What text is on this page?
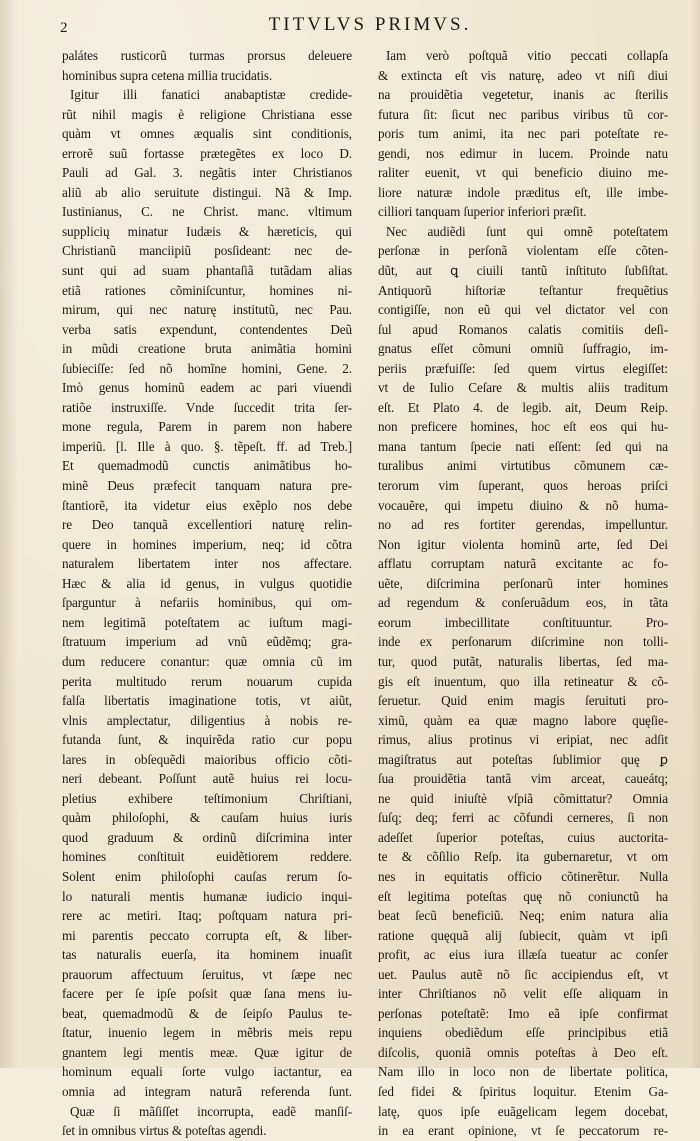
2	TITVLVS PRIMVS.
palátes rusticorũ turmas prorsus deleuere
hominibus supra cetena millia trucidatis.
Igitur illi fanatici anabaptistæ credide-
rũt nihil magis è religione Christiana esse
quàm vt omnes æqualis sint conditionis,
errorẽ suũ fortasse prætegẽtes ex loco D.
Pauli ad Gal. 3. negãtis inter Christianos
aliũ ab alio seruitute distingui. Nã & Imp.
Iustinianus, C. ne Christ. manc. vltimum
supplicių minatur Iudæis & hæreticis, qui
Christianũ manciipiũ posſideant: nec de-
sunt qui ad suam phantaſiã tutãdam alias
etiã rationes cõminiſcuntur, homines ni-
mirum, qui nec naturę institutũ, nec Pau.
verba satis expendunt, contendentes Deũ
in mũdi creatione bruta animãtia homini
ſubieciſſe: ſed nõ homĩne homini, Gene. 2.
Imò genus hominũ eadem ac pari viuendi
ratiõe instruxiſſe. Vnde ſuccedit trita ſer-
mone regula, Parem in parem non habere
imperiũ. [l. Ille à quo. §. tẽpeſt. ff. ad Treb.]
Et quemadmodũ cunctis animãtibus ho-
minẽ Deus præfecit tanquam natura pre-
ſtantiorẽ, ita videtur eius exẽplo nos debe
re Deo tanquã excellentiori naturę relin-
quere in homines imperium, neq; id cõtra
naturalem libertatem inter nos affectare.
Hæc & alia id genus, in vulgus quotidie
ſparguntur à nefariis hominibus, qui om-
nem legitimã poteſtatem ac iuſtum magi-
ſtratuum imperium ad vnũ eũdẽmq; gra-
dum reducere conantur: quæ omnia cũ im
perita multitudo rerum nouarum cupida
falſa libertatis imaginatione totis, vt aiũt,
vlnis amplectatur, diligentius à nobis re-
futanda ſunt, & inquirẽda ratio cur popu
lares in obſequẽdi maioribus officio cõti-
neri debeant. Poſſunt autẽ huius rei locu-
pletius exhibere teſtimonium Chriſtiani,
quàm philoſophi, & cauſam huius iuris
quod graduum & ordinũ diſcrimina inter
homines conſtituit euidẽtiorem reddere.
Solent enim philoſophi cauſas rerum ſo-
lo naturali mentis humanæ iudicio inqui-
rere ac metiri. Itaq; poſtquam natura pri-
mi parentis peccato corrupta eſt, & liber-
tas naturalis euerſa, ita hominem inuaſit
prauorum affectuum ſeruitus, vt ſæpe nec
facere per ſe ipſe poſsit quæ ſana mens iu-
beat, quemadmodũ & de ſeipſo Paulus te-
ſtatur, inuenio legem in mẽbris meis repu
gnantem legi mentis meæ. Quæ igitur de
hominum equali ſorte vulgo iactantur, ea
omnia ad integram naturã referenda ſunt.
Quæ ſi mãſiſſet incorrupta, eadẽ manſiſ-
ſet in omnibus virtus & poteſtas agendi.
Iam verò poſtquã vitio peccati collapſa
& extincta eſt vis naturę, adeo vt niſi diui
na prouidẽtia vegetetur, inanis ac ſterilis
futura ſit: ſicut nec paribus viribus tũ cor-
poris tum animi, ita nec pari poteſtate re-
gendi, nos edimur in lucem. Proinde natu
raliter euenit, vt qui beneficio diuino me-
liore naturæ indole præditus eſt, ille imbe-
cilliori tanquam ſuperior inferiori præſit.
Nec audiẽdi ſunt qui omnẽ poteſtatem
perſonæ in perſonã violentam eſſe cõten-
dũt, aut ꝗ ciuili tantũ inſtituto ſubſiſtat.
Antiquorũ hiſtoriæ teſtantur frequẽtius
contigiſſe, non eũ qui vel dictator vel con
ſul apud Romanos calatis comitiis deſi-
gnatus eſſet cõmuni omniũ ſuffragio, im-
periis præfuiſſe: ſed quem virtus elegiſſet:
vt de Iulio Ceſare & multis aliis traditum
eſt. Et Plato 4. de legib. ait, Deum Reip.
non preficere homines, hoc eſt eos qui hu-
mana tantum ſpecie nati eſſent: ſed qui na
turalibus animi virtutibus cõmunem cæ-
terorum vim ſuperant, quos heroas priſci
vocauẽre, qui impetu diuino & nõ huma-
no ad res fortiter gerendas, impelluntur.
Non igitur violenta hominũ arte, ſed Dei
afflatu corruptam naturã excitante ac fo-
uẽte, diſcrimina perſonarũ inter homines
ad regendum & conſeruãdum eos, in tãta
eorum imbecillitate conſtituuntur. Pro-
inde ex perſonarum diſcrimine non tolli-
tur, quod putãt, naturalis libertas, ſed ma-
gis eſt inuentum, quo illa retineatur & cõ-
ſeruetur. Quid enim magis ſeruituti pro-
ximũ, quàm ea quæ magno labore quęſie-
rimus, alius protinus vi eripiat, nec adſit
magiſtratus aut poteſtas ſublimior quę ꝑ
ſua prouidẽtia tantã vim arceat, caueátq;
ne quid iniuſtè vſpiã cõmittatur? Omnia
ſuſq; deq; ferri ac cõfundi cerneres, ſi non
adeſſet ſuperior poteſtas, cuius auctorita-
te & cõſilio Reſp. ita gubernaretur, vt om
nes in equitatis officio cõtinerẽtur. Nulla
eſt legitima poteſtas quę nõ coniunctũ ha
beat ſecũ beneficiũ. Neq; enim natura alia
ratione quęquã alij ſubiecit, quàm vt ipſi
profit, ac eius iura illæſa tueatur ac conſer
uet. Paulus autẽ nõ ſic accipiendus eſt, vt
inter Chriſtianos nõ velit eſſe aliquam in
perſonas poteſtatẽ: Imo eã ipſe confirmat
inquiens obediẽdum eſſe principibus etiã
diſcolis, quoniã omnis poteſtas à Deo eſt.
Nam illo in loco non de libertate politica,
ſed fidei & ſpiritus loquitur. Etenim Ga-
latę, quos ipſe euãgelicam legem docebat,
in ea erant opinione, vt ſe peccatorum re-
